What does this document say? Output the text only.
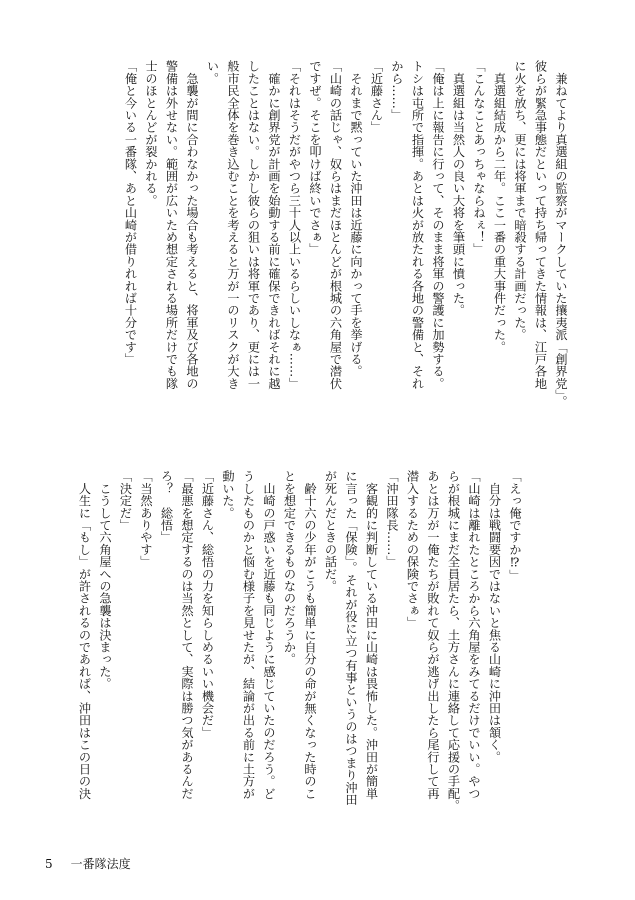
　兼ねてより真選組の監察がマークしていた攘夷派「創界党」。
彼らが緊急事態だといって持ち帰ってきた情報は、江戸各地
に火を放ち、更には将軍まで暗殺する計画だった。
　真選組結成から二年。ここ一番の重大事件だった。
「こんなことあっちゃならねぇ！」
　真選組は当然人の良い大将を筆頭に憤った。
「俺は上に報告に行って、そのまま将軍の警護に加勢する。
トシは屯所で指揮。あとは火が放たれる各地の警備と、それ
から……」
「近藤さん」
　それまで黙っていた沖田は近藤に向かって手を挙げる。
「山崎の話じゃ、奴らはまだほとんどが根城の六角屋で潜伏
ですぜ。そこを叩けば終いでさぁ」
「それはそうだがやつら三十人以上いるらしいしなぁ……」
　確かに創界党が計画を始動する前に確保できればそれに越
したことはない。しかし彼らの狙いは将軍であり、更には一
般市民全体を巻き込むことを考えると万が一のリスクが大き
い。
　急襲が間に合わなかった場合も考えると、将軍及び各地の
警備は外せない。範囲が広いため想定される場所だけでも隊
士のほとんどが裂かれる。
「俺と今いる一番隊、あと山崎が借りれれば十分です」
「えっ俺ですか⁉」
　自分は戦闘要因ではないと焦る山崎に沖田は頷く。
「山崎は離れたところから六角屋をみてるだけでいい。やつ
らが根城にまだ全員居たら、土方さんに連絡して応援の手配。
あとは万が一俺たちが敗れて奴らが逃げ出したら尾行して再
潜入するための保険でさぁ」
「沖田隊長……」
　客観的に判断している沖田に山崎は畏怖した。沖田が簡単
に言った「保険」。それが役に立つ有事というのはつまり沖田
が死んだときの話だ。
　齢十六の少年がこうも簡単に自分の命が無くなった時のこ
とを想定できるものなのだろうか。
　山崎の戸惑いを近藤も同じように感じていたのだろう。ど
うしたものかと悩む様子を見せたが、結論が出る前に土方が
動いた。
「近藤さん、総悟の力を知らしめるいい機会だ」
「最悪を想定するのは当然として、実際は勝つ気があるんだ
ろ？　総悟」
「当然ありやす」
「決定だ」
　こうして六角屋への急襲は決まった。
　人生に「もし」が許されるのであれば、沖田はこの日の決
5 一番隊法度
